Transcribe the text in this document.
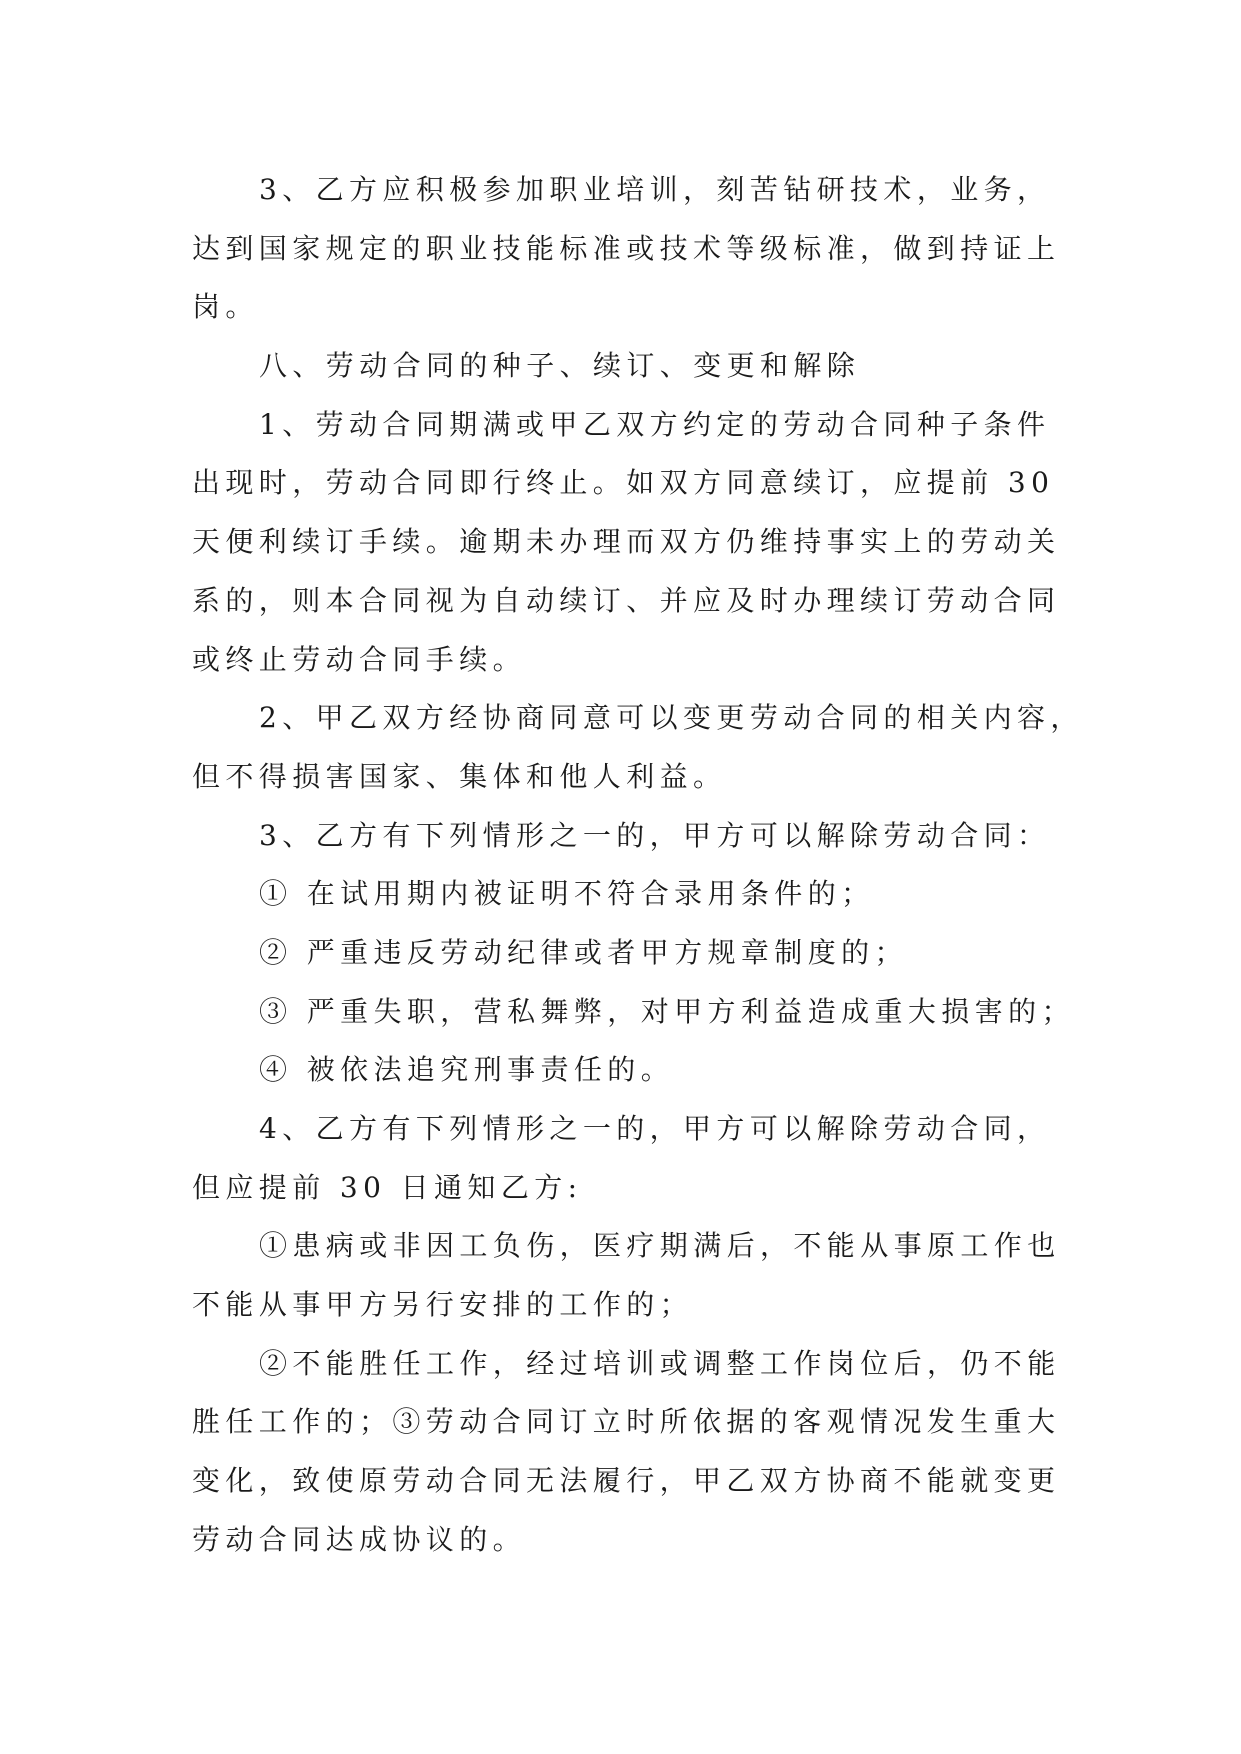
3、乙方应积极参加职业培训，刻苦钻研技术，业务，
达到国家规定的职业技能标准或技术等级标准，做到持证上
岗。
八、劳动合同的种子、续订、变更和解除
1、劳动合同期满或甲乙双方约定的劳动合同种子条件
出现时，劳动合同即行终止。如双方同意续订，应提前 30
天便利续订手续。逾期未办理而双方仍维持事实上的劳动关
系的，则本合同视为自动续订、并应及时办理续订劳动合同
或终止劳动合同手续。
2、甲乙双方经协商同意可以变更劳动合同的相关内容，
但不得损害国家、集体和他人利益。
3、乙方有下列情形之一的，甲方可以解除劳动合同：
① 在试用期内被证明不符合录用条件的；
② 严重违反劳动纪律或者甲方规章制度的；
③ 严重失职，营私舞弊，对甲方利益造成重大损害的；
④ 被依法追究刑事责任的。
4、乙方有下列情形之一的，甲方可以解除劳动合同，
但应提前 30 日通知乙方:
①患病或非因工负伤，医疗期满后，不能从事原工作也
不能从事甲方另行安排的工作的；
②不能胜任工作，经过培训或调整工作岗位后，仍不能
胜任工作的；③劳动合同订立时所依据的客观情况发生重大
变化，致使原劳动合同无法履行，甲乙双方协商不能就变更
劳动合同达成协议的。
